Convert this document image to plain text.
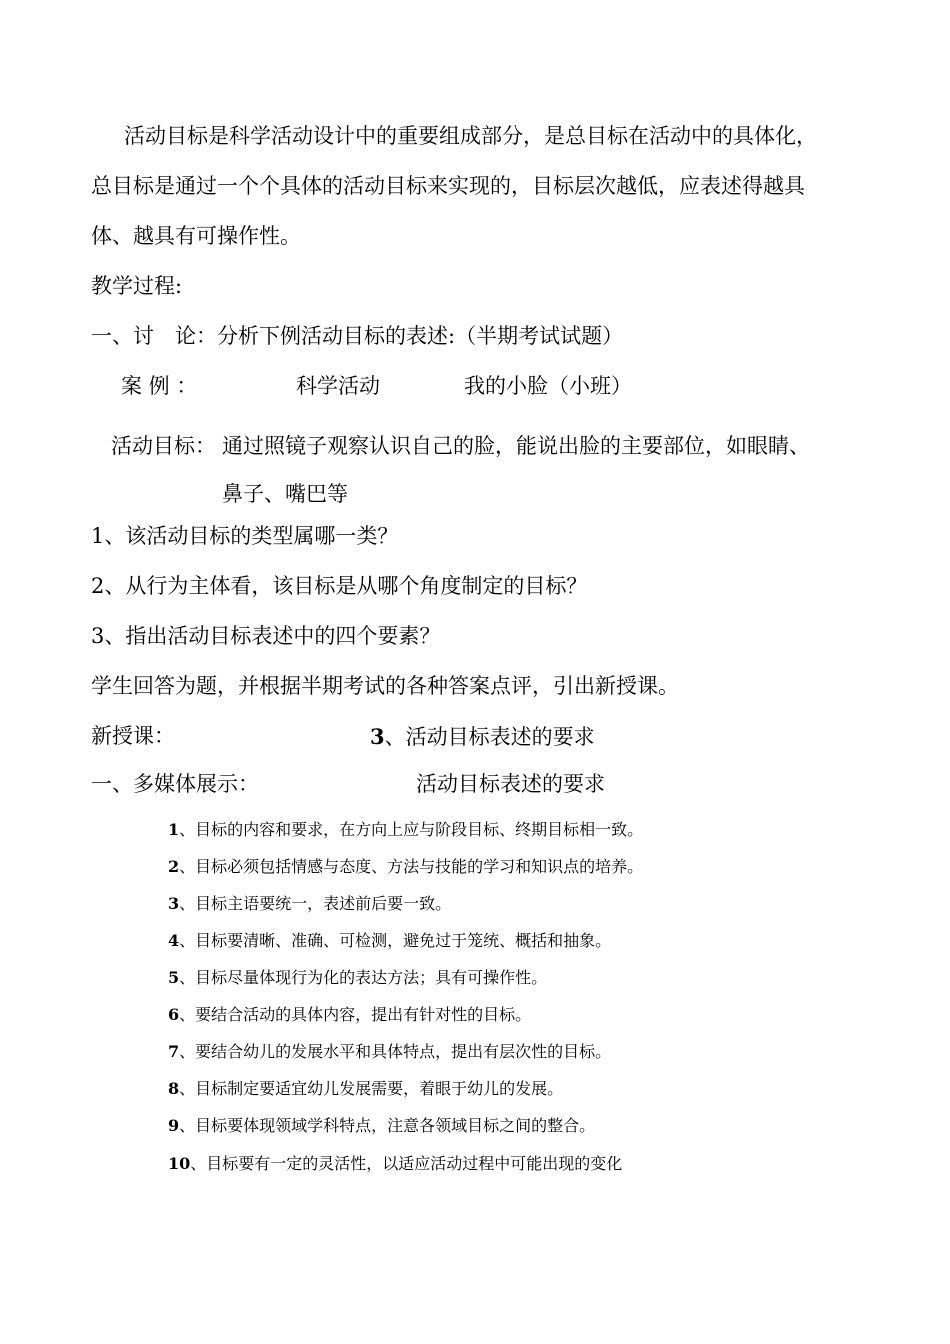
活动目标是科学活动设计中的重要组成部分，是总目标在活动中的具体化，
总目标是通过一个个具体的活动目标来实现的，目标层次越低，应表述得越具
体、越具有可操作性。
教学过程:
一、讨　论：分析下例活动目标的表述:（半期考试试题）
案 例 ：	科学活动	我的小脸（小班）
活动目标： 通过照镜子观察认识自己的脸，能说出脸的主要部位，如眼睛、
鼻子、嘴巴等
1、该活动目标的类型属哪一类？
2、从行为主体看，该目标是从哪个角度制定的目标？
3、指出活动目标表述中的四个要素？
学生回答为题，并根据半期考试的各种答案点评，引出新授课。
新授课：	3、活动目标表述的要求
一、多媒体展示：	活动目标表述的要求
1、目标的内容和要求，在方向上应与阶段目标、终期目标相一致。
2、目标必须包括情感与态度、方法与技能的学习和知识点的培养。
3、目标主语要统一，表述前后要一致。
4、目标要清晰、准确、可检测，避免过于笼统、概括和抽象。
5、目标尽量体现行为化的表达方法；具有可操作性。
6、要结合活动的具体内容，提出有针对性的目标。
7、要结合幼儿的发展水平和具体特点，提出有层次性的目标。
8、目标制定要适宜幼儿发展需要，着眼于幼儿的发展。
9、目标要体现领域学科特点，注意各领域目标之间的整合。
10、目标要有一定的灵活性，以适应活动过程中可能出现的变化
